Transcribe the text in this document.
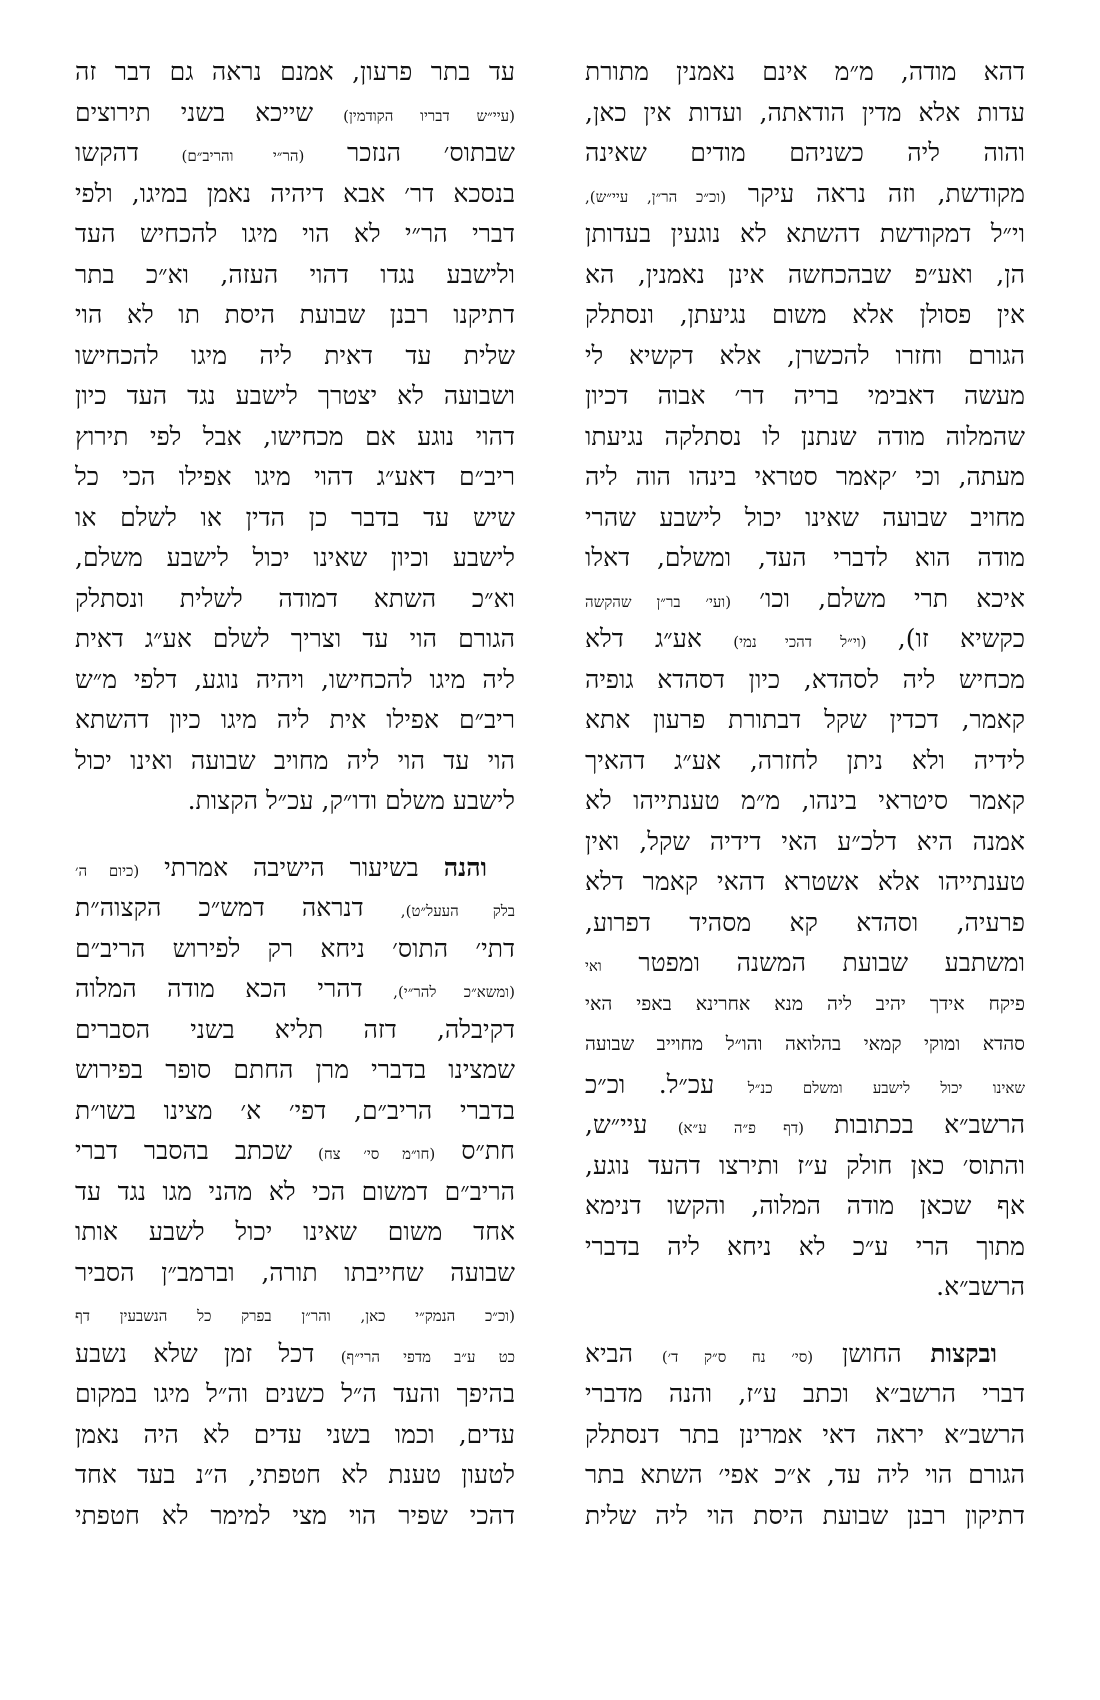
דהא מודה, מ״מ אינם נאמנין מתורת
עדות אלא מדין הודאתה, ועדות אין כאן,
והוה ליה כשניהם מודים שאינה
מקודשת, וזה נראה עיקר (וכ״כ הר״ן, עיי״ש),
וי״ל דמקודשת דהשתא לא נוגעין בעדותן
הן, ואע״פ שבהכחשה אינן נאמנין, הא
אין פסולן אלא משום נגיעתן, ונסתלק
הגורם וחזרו להכשרן, אלא דקשיא לי
מעשה דאבימי בריה דר׳ אבוה דכיון
שהמלוה מודה שנתנן לו נסתלקה נגיעתו
מעתה, וכי ׳קאמר סטראי בינהו הוה ליה
מחויב שבועה שאינו יכול לישבע שהרי
מודה הוא לדברי העד, ומשלם, דאלו
איכא תרי משלם, וכו׳ (ועי׳ בר״ן שהקשה
כקשיא זו), (וי״ל דהכי נמי) אע״ג דלא
מכחיש ליה לסהדא, כיון דסהדא גופיה
קאמר, דכדין שקל דבתורת פרעון אתא
לידיה ולא ניתן לחזרה, אע״ג דהאיך
קאמר סיטראי בינהו, מ״מ טענתייהו לא
אמנה היא דלכ״ע האי דידיה שקל, ואין
טענתייהו אלא אשטרא דהאי קאמר דלא
פרעיה, וסהדא קא מסהיד דפרוע,
ומשתבע שבועת המשנה ומפטר ואי
פיקח אידך יהיב ליה מנא אחרינא באפי האי
סהדא ומוקי קמאי בהלואה והו״ל מחוייב שבועה
שאינו יכול לישבע ומשלם כנ״ל עכ״ל. וכ״כ
הרשב״א בכתובות (דף פ״ה ע״א) עיי״ש,
והתוס׳ כאן חולק ע״ז ותירצו דהעד נוגע,
אף שכאן מודה המלוה, והקשו דנימא
מתוך הרי ע״כ לא ניחא ליה בדברי
הרשב״א.

ובקצות החושן (סי׳ נח ס״ק ד׳) הביא
דברי הרשב״א וכתב ע״ז, והנה מדברי
הרשב״א יראה דאי אמרינן בתר דנסתלק
הגורם הוי ליה עד, א״כ אפי׳ השתא בתר
דתיקון רבנן שבועת היסת הוי ליה שלית
עד בתר פרעון, אמנם נראה גם דבר זה
(עיי״ש דבריו הקודמין) שייכא בשני תירוצים
שבתוס׳ הנזכר (הר״י והריב״ם) דהקשו
בנסכא דר׳ אבא דיהיה נאמן במיגו, ולפי
דברי הר״י לא הוי מיגו להכחיש העד
ולישבע נגדו דהוי העזה, וא״כ בתר
דתיקנו רבנן שבועת היסת תו לא הוי
שלית עד דאית ליה מיגו להכחישו
ושבועה לא יצטרך לישבע נגד העד כיון
דהוי נוגע אם מכחישו, אבל לפי תירוץ
ריב״ם דאע״ג דהוי מיגו אפילו הכי כל
שיש עד בדבר כן הדין או לשלם או
לישבע וכיון שאינו יכול לישבע משלם,
וא״כ השתא דמודה לשלית ונסתלק
הגורם הוי עד וצריך לשלם אע״ג דאית
ליה מיגו להכחישו, ויהיה נוגע, דלפי מ״ש
ריב״ם אפילו אית ליה מיגו כיון דהשתא
הוי עד הוי ליה מחויב שבועה ואינו יכול
לישבע משלם ודו״ק, עכ״ל הקצות.

והנה בשיעור הישיבה אמרתי (כיום ה׳
בלק העעל״ט), דנראה דמש״כ הקצוה״ת
דתי׳ התוס׳ ניחא רק לפירוש הריב״ם
(ומשא״כ להר״י), דהרי הכא מודה המלוה
דקיבלה, דזה תליא בשני הסברים
שמצינו בדברי מרן החתם סופר בפירוש
בדברי הריב״ם, דפי׳ א׳ מצינו בשו״ת
חת״ס (חו״מ סי׳ צח) שכתב בהסבר דברי
הריב״ם דמשום הכי לא מהני מגו נגד עד
אחד משום שאינו יכול לשבע אותו
שבועה שחייבתו תורה, וברמב״ן הסביר
(וכ״כ הנמק״י כאן, והר״ן בפרק כל הנשבעין דף
כט ע״ב מדפי הרי״ף) דכל זמן שלא נשבע
בהיפך והעד ה״ל כשנים וה״ל מיגו במקום
עדים, וכמו בשני עדים לא היה נאמן
לטעון טענת לא חטפתי, ה״נ בעד אחד
דהכי שפיר הוי מצי למימר לא חטפתי
